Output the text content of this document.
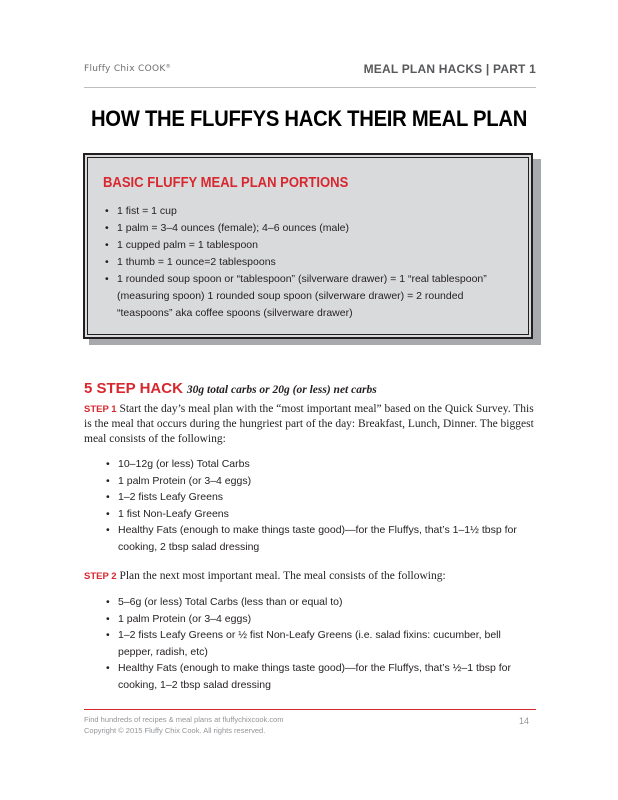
Fluffy Chix COOK®	MEAL PLAN HACKS | PART 1
HOW THE FLUFFYS HACK THEIR MEAL PLAN
BASIC FLUFFY MEAL PLAN PORTIONS
• 1 fist = 1 cup
• 1 palm = 3–4 ounces (female); 4–6 ounces (male)
• 1 cupped palm = 1 tablespoon
• 1 thumb = 1 ounce=2 tablespoons
• 1 rounded soup spoon or “tablespoon” (silverware drawer) = 1 “real tablespoon” (measuring spoon) 1 rounded soup spoon (silverware drawer) = 2 rounded “teaspoons” aka coffee spoons (silverware drawer)
5 STEP HACK 30g total carbs or 20g (or less) net carbs

STEP 1 Start the day’s meal plan with the “most important meal” based on the Quick Survey. This is the meal that occurs during the hungriest part of the day: Breakfast, Lunch, Dinner. The biggest meal consists of the following:

• 10–12g (or less) Total Carbs
• 1 palm Protein (or 3–4 eggs)
• 1–2 fists Leafy Greens
• 1 fist Non-Leafy Greens
• Healthy Fats (enough to make things taste good)—for the Fluffys, that’s 1–1½ tbsp for cooking, 2 tbsp salad dressing

STEP 2 Plan the next most important meal. The meal consists of the following:

• 5–6g (or less) Total Carbs (less than or equal to)
• 1 palm Protein (or 3–4 eggs)
• 1–2 fists Leafy Greens or ½ fist Non-Leafy Greens (i.e. salad fixins: cucumber, bell pepper, radish, etc)
• Healthy Fats (enough to make things taste good)—for the Fluffys, that’s ½–1 tbsp for cooking, 1–2 tbsp salad dressing
Find hundreds of recipes & meal plans at fluffychixcook.com
Copyright © 2015 Fluffy Chix Cook. All rights reserved.
14
